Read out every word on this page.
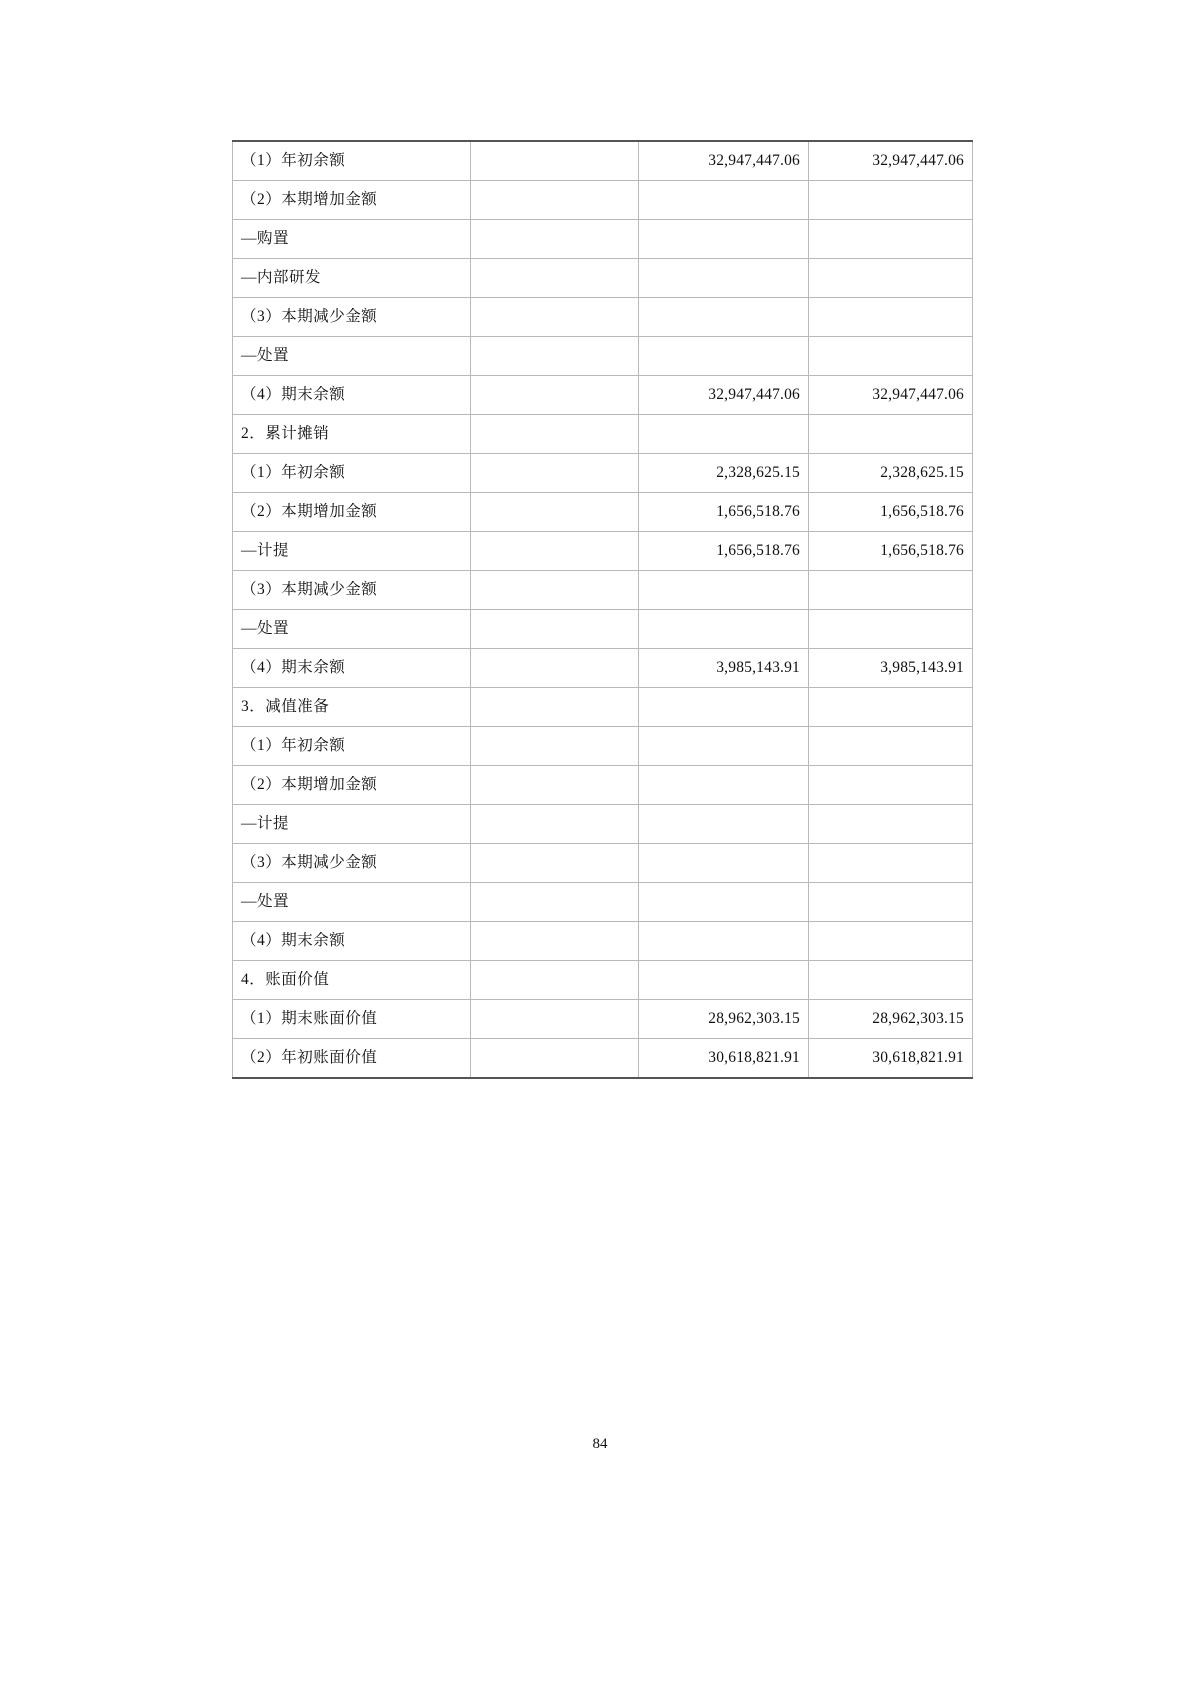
（1）年初余额		32,947,447.06	32,947,447.06
（2）本期增加金额			
—购置			
—内部研发			
（3）本期减少金额			
—处置			
（4）期末余额		32,947,447.06	32,947,447.06
2．累计摊销			
（1）年初余额		2,328,625.15	2,328,625.15
（2）本期增加金额		1,656,518.76	1,656,518.76
—计提		1,656,518.76	1,656,518.76
（3）本期减少金额			
—处置			
（4）期末余额		3,985,143.91	3,985,143.91
3．减值准备			
（1）年初余额			
（2）本期增加金额			
—计提			
（3）本期减少金额			
—处置			
（4）期末余额			
4．账面价值			
（1）期末账面价值		28,962,303.15	28,962,303.15
（2）年初账面价值		30,618,821.91	30,618,821.91
84
